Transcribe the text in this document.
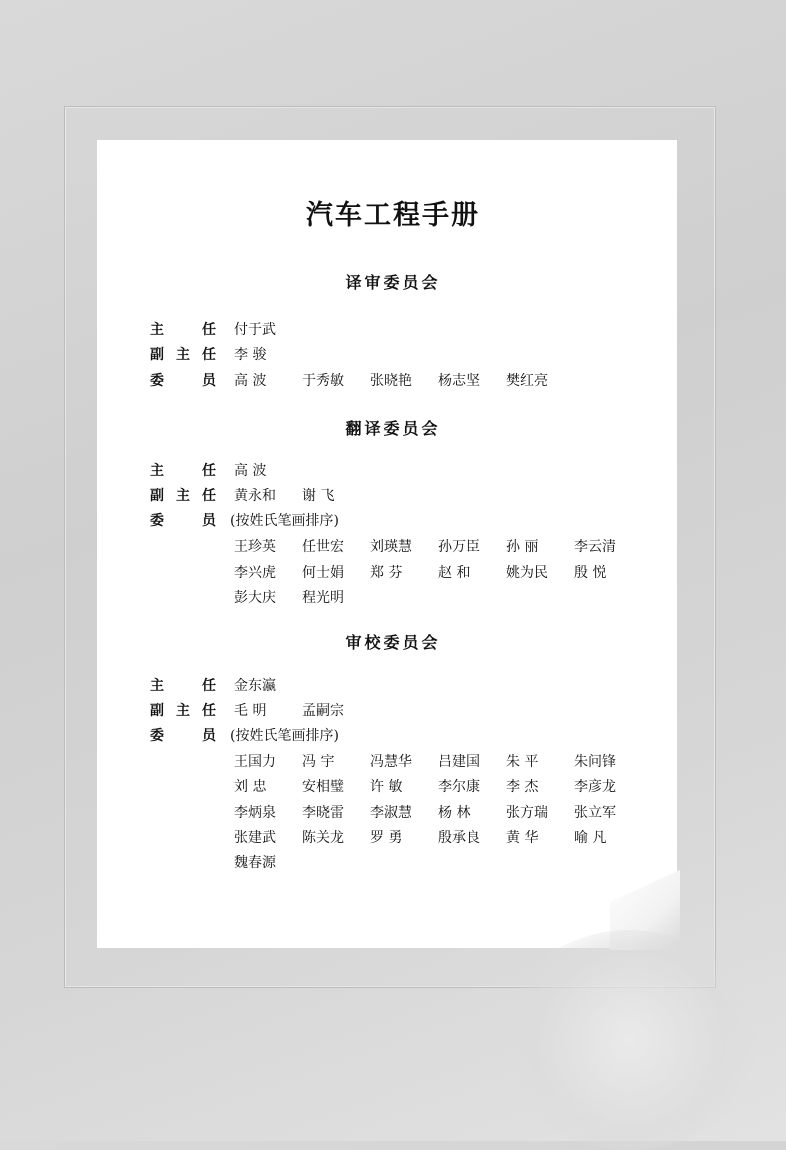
汽车工程手册
译审委员会
主	任 付于武
副 主 任 李 骏
委	员 高 波	于秀敏	张晓艳	杨志坚	樊红亮
翻译委员会
主	任 高 波
副 主 任 黄永和	谢 飞
委	员 (按姓氏笔画排序)
王珍英	任世宏	刘瑛慧	孙万臣	孙 丽	李云清
李兴虎	何士娟	郑 芬	赵 和	姚为民	殷 悦
彭大庆	程光明
审校委员会
主	任 金东瀛
副 主 任 毛 明	孟嗣宗
委	员 (按姓氏笔画排序)
王国力	冯 宇	冯慧华	吕建国	朱 平	朱问锋
刘 忠	安相璧	许 敏	李尔康	李 杰	李彦龙
李炳泉	李晓雷	李淑慧	杨 林	张方瑞	张立军
张建武	陈关龙	罗 勇	殷承良	黄 华	喻 凡
魏春源
